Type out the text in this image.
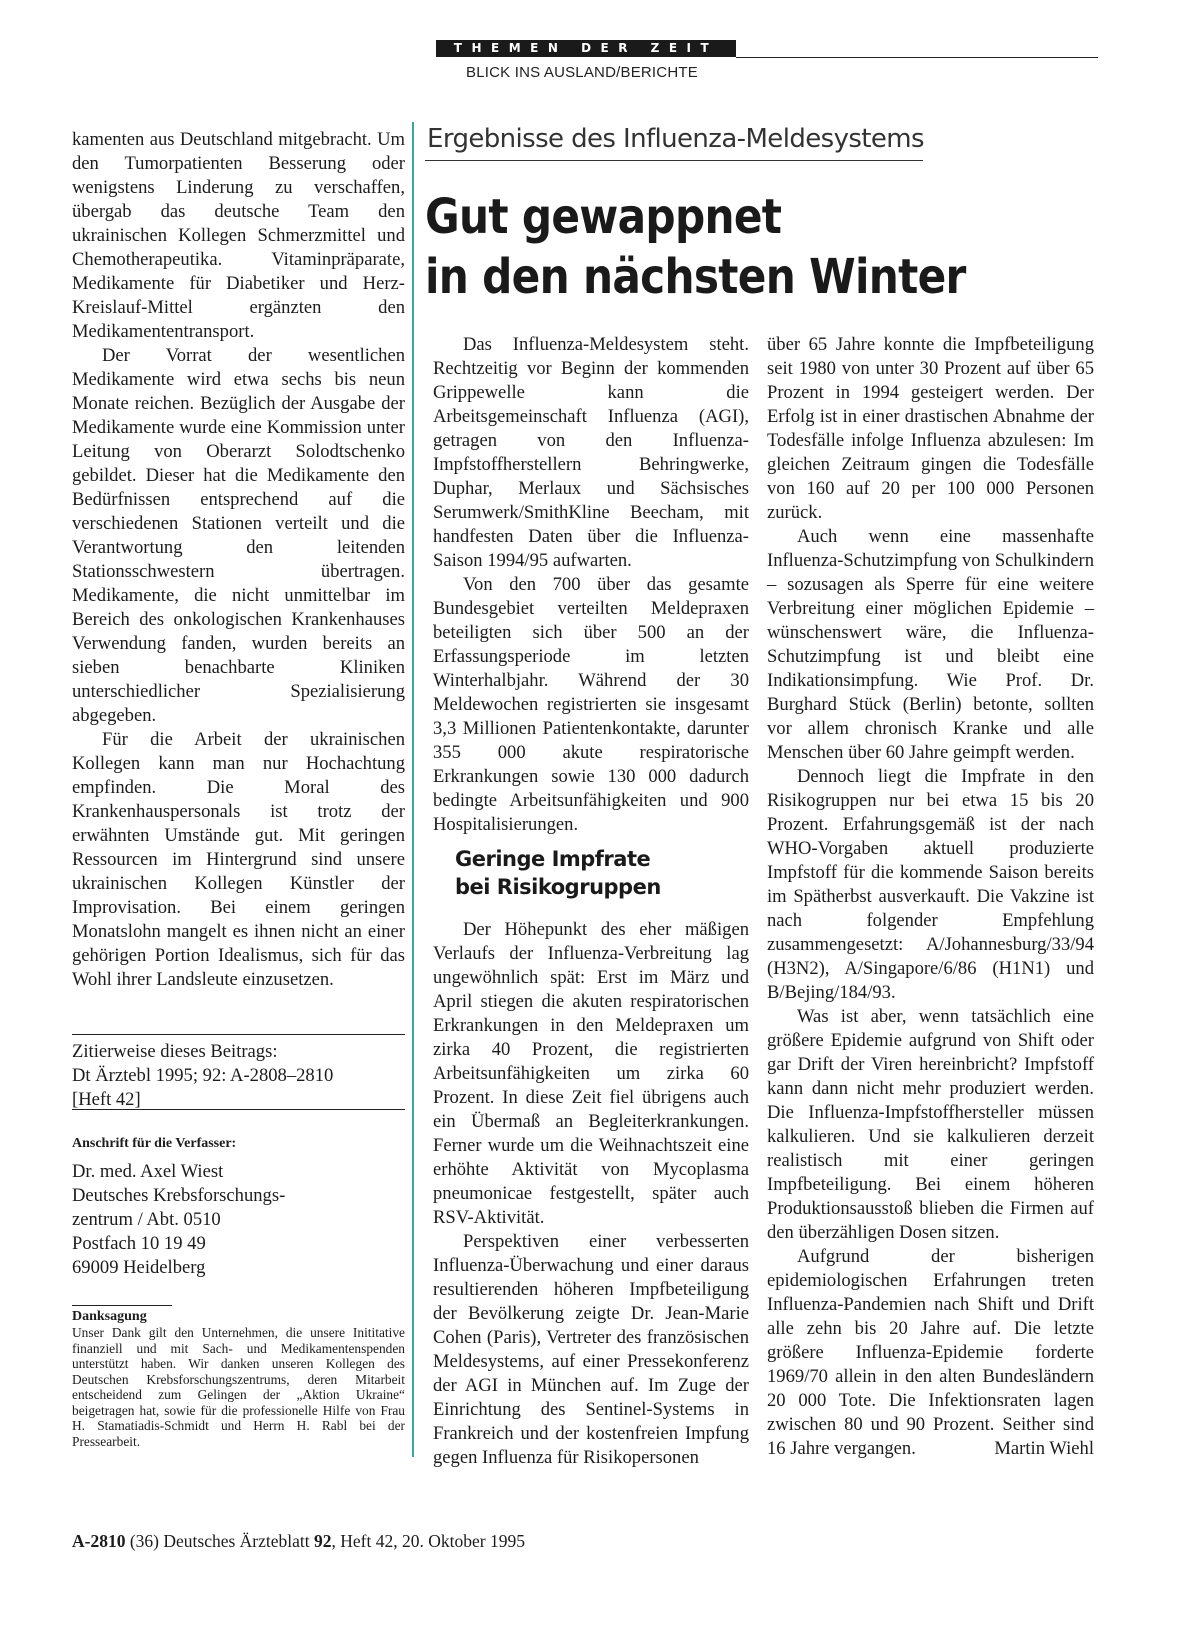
THEMEN DER ZEIT
BLICK INS AUSLAND/BERICHTE

kamenten aus Deutschland mitgebracht. Um den Tumorpatienten Besserung oder wenigstens Linderung zu verschaffen, übergab das deutsche Team den ukrainischen Kollegen Schmerzmittel und Chemotherapeutika. Vitaminpräparate, Medikamente für Diabetiker und Herz-Kreislauf-Mittel ergänzten den Medikamententransport.

Der Vorrat der wesentlichen Medikamente wird etwa sechs bis neun Monate reichen. Bezüglich der Ausgabe der Medikamente wurde eine Kommission unter Leitung von Oberarzt Solodtschenko gebildet. Dieser hat die Medikamente den Bedürfnissen entsprechend auf die verschiedenen Stationen verteilt und die Verantwortung den leitenden Stationsschwestern übertragen. Medikamente, die nicht unmittelbar im Bereich des onkologischen Krankenhauses Verwendung fanden, wurden bereits an sieben benachbarte Kliniken unterschiedlicher Spezialisierung abgegeben.

Für die Arbeit der ukrainischen Kollegen kann man nur Hochachtung empfinden. Die Moral des Krankenhauspersonals ist trotz der erwähnten Umstände gut. Mit geringen Ressourcen im Hintergrund sind unsere ukrainischen Kollegen Künstler der Improvisation. Bei einem geringen Monatslohn mangelt es ihnen nicht an einer gehörigen Portion Idealismus, sich für das Wohl ihrer Landsleute einzusetzen.

Zitierweise dieses Beitrags:
Dt Ärztebl 1995; 92: A-2808–2810
[Heft 42]
Anschrift für die Verfasser:
Dr. med. Axel Wiest
Deutsches Krebsforschungs-
zentrum / Abt. 0510
Postfach 10 19 49
69009 Heidelberg
Danksagung
Unser Dank gilt den Unternehmen, die unsere Inititative finanziell und mit Sach- und Medikamentenspenden unterstützt haben. Wir danken unseren Kollegen des Deutschen Krebsforschungszentrums, deren Mitarbeit entscheidend zum Gelingen der „Aktion Ukraine“ beigetragen hat, sowie für die professionelle Hilfe von Frau H. Stamatiadis-Schmidt und Herrn H. Rabl bei der Pressearbeit.
Ergebnisse des Influenza-Meldesystems
Gut gewappnet
in den nächsten Winter

Das Influenza-Meldesystem steht. Rechtzeitig vor Beginn der kommenden Grippewelle kann die Arbeitsgemeinschaft Influenza (AGI), getragen von den Influenza-Impfstoffherstellern Behringwerke, Duphar, Merlaux und Sächsisches Serumwerk/SmithKline Beecham, mit handfesten Daten über die Influenza-Saison 1994/95 aufwarten.

Von den 700 über das gesamte Bundesgebiet verteilten Meldepraxen beteiligten sich über 500 an der Erfassungsperiode im letzten Winterhalbjahr. Während der 30 Meldewochen registrierten sie insgesamt 3,3 Millionen Patientenkontakte, darunter 355 000 akute respiratorische Erkrankungen sowie 130 000 dadurch bedingte Arbeitsunfähigkeiten und 900 Hospitalisierungen.

Geringe Impfrate
bei Risikogruppen

Der Höhepunkt des eher mäßigen Verlaufs der Influenza-Verbreitung lag ungewöhnlich spät: Erst im März und April stiegen die akuten respiratorischen Erkrankungen in den Meldepraxen um zirka 40 Prozent, die registrierten Arbeitsunfähigkeiten um zirka 60 Prozent. In diese Zeit fiel übrigens auch ein Übermaß an Begleiterkrankungen. Ferner wurde um die Weihnachtszeit eine erhöhte Aktivität von Mycoplasma pneumonicae festgestellt, später auch RSV-Aktivität.

Perspektiven einer verbesserten Influenza-Überwachung und einer daraus resultierenden höheren Impfbeteiligung der Bevölkerung zeigte Dr. Jean-Marie Cohen (Paris), Vertreter des französischen Meldesystems, auf einer Pressekonferenz der AGI in München auf. Im Zuge der Einrichtung des Sentinel-Systems in Frankreich und der kostenfreien Impfung gegen Influenza für Risikopersonen

über 65 Jahre konnte die Impfbeteiligung seit 1980 von unter 30 Prozent auf über 65 Prozent in 1994 gesteigert werden. Der Erfolg ist in einer drastischen Abnahme der Todesfälle infolge Influenza abzulesen: Im gleichen Zeitraum gingen die Todesfälle von 160 auf 20 per 100 000 Personen zurück.

Auch wenn eine massenhafte Influenza-Schutzimpfung von Schulkindern – sozusagen als Sperre für eine weitere Verbreitung einer möglichen Epidemie – wünschenswert wäre, die Influenza-Schutzimpfung ist und bleibt eine Indikationsimpfung. Wie Prof. Dr. Burghard Stück (Berlin) betonte, sollten vor allem chronisch Kranke und alle Menschen über 60 Jahre geimpft werden.

Dennoch liegt die Impfrate in den Risikogruppen nur bei etwa 15 bis 20 Prozent. Erfahrungsgemäß ist der nach WHO-Vorgaben aktuell produzierte Impfstoff für die kommende Saison bereits im Spätherbst ausverkauft. Die Vakzine ist nach folgender Empfehlung zusammengesetzt: A/Johannesburg/33/94 (H3N2), A/Singapore/6/86 (H1N1) und B/Bejing/184/93.

Was ist aber, wenn tatsächlich eine größere Epidemie aufgrund von Shift oder gar Drift der Viren hereinbricht? Impfstoff kann dann nicht mehr produziert werden. Die Influenza-Impfstoffhersteller müssen kalkulieren. Und sie kalkulieren derzeit realistisch mit einer geringen Impfbeteiligung. Bei einem höheren Produktionsausstoß blieben die Firmen auf den überzähligen Dosen sitzen.

Aufgrund der bisherigen epidemiologischen Erfahrungen treten Influenza-Pandemien nach Shift und Drift alle zehn bis 20 Jahre auf. Die letzte größere Influenza-Epidemie forderte 1969/70 allein in den alten Bundesländern 20 000 Tote. Die Infektionsraten lagen zwischen 80 und 90 Prozent. Seither sind 16 Jahre vergangen.	Martin Wiehl

A-2810 (36) Deutsches Ärzteblatt 92, Heft 42, 20. Oktober 1995
